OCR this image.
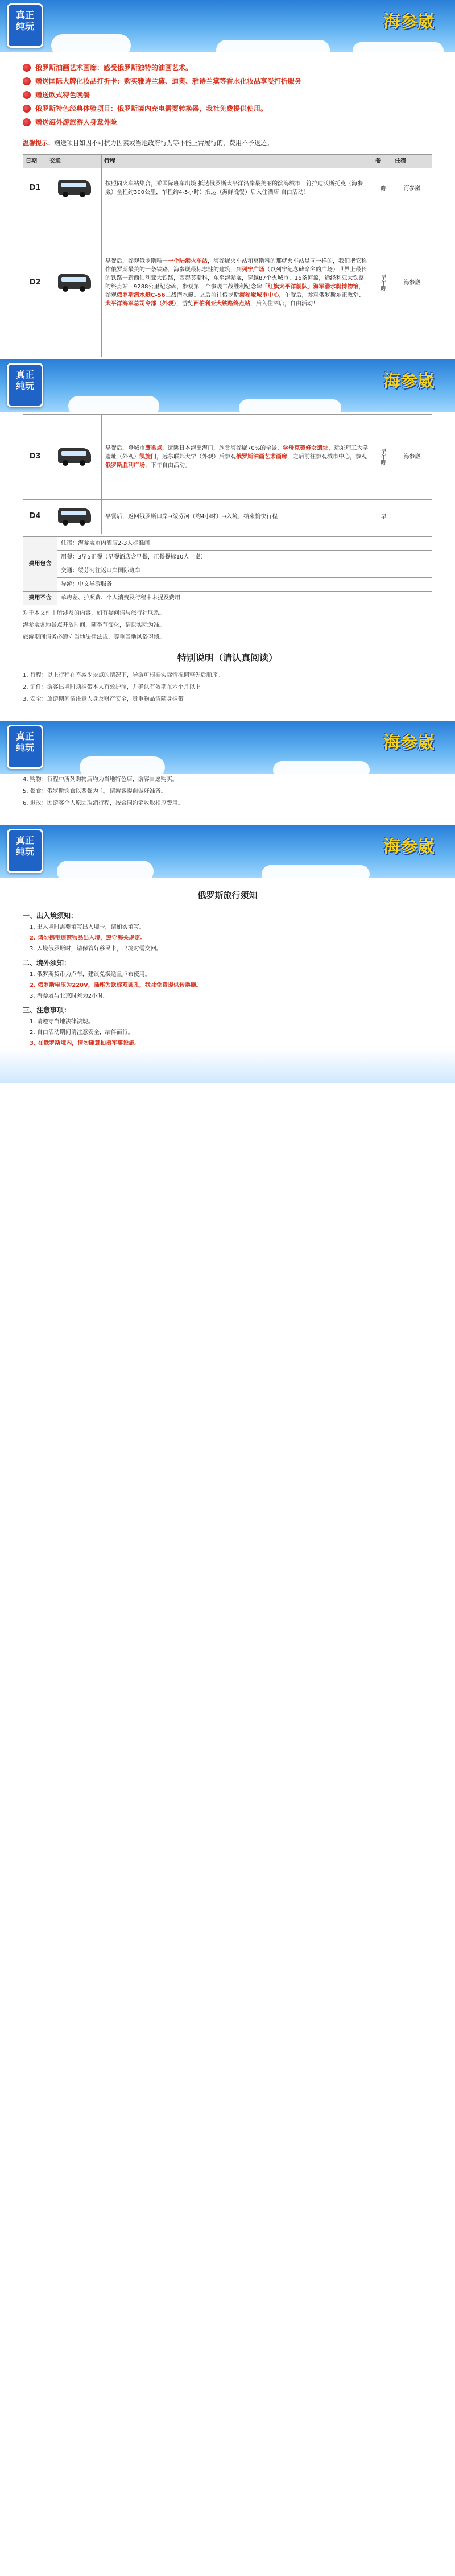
真正
纯玩	海参崴
俄罗斯油画艺术画廊：感受俄罗斯独特的油画艺术。
赠送国际大牌化妆品打折卡：购买雅诗兰黛、迪奥、雅诗兰黛等香水化妆品享受打折服务
赠送欧式特色晚餐
俄罗斯特色经典体验项目：俄罗斯境内充电需要转换器，我社免费提供使用。
赠送海外游旅游人身意外险
温馨提示：赠送项目如因不可抗力因素或当地政府行为等不能正常履行的，费用不予退还。
日期	交通	行程	餐	住宿
D1		按照同火车站集合，乘国际班车出境 抵达俄罗斯太平洋沿岸最美丽的滨海城市一符拉迪沃斯托克（海参崴）全程约300公里，车程约4-5小时）抵达（海鲜晚餐）后入住酒店 自由活动！	晚	海参崴
D2		早餐后，参观俄罗斯唯一一个陆港火车站，海参崴火车站和莫斯科的那就火车站是同一样的，我们把它称作俄罗斯最美的一条铁路，海参崴最标志性的建筑，到列宁广场（以列宁纪念碑命名的广场）世界上最长的铁路一新西伯利亚大铁路，西起莫斯科，东至海参崴，穿越87个火城市。16条河流，途经利亚大铁路的终点站—9288公里纪念碑，参观第一个参观二战胜利纪念碑「红旗太平洋舰队」海军潜水艇博物馆，参观俄罗斯潜水艇C-56二战潜水艇。之后前往俄罗斯海参崴城市中心，午餐后，参观俄罗斯东正教堂、太平洋海军总司令部（外观），游览西伯利亚大铁路终点站，后入住酒店，自由活动！	早午晚	海参崴
真正
纯玩	海参崴
D3		早餐后，登城市鹰巢点，远眺日本海出海口，欣赏海参崴70%的全景，学母克契修女遗址，远东理工大学遗址（外观）凯旋门，远东联邦大学（外观）后参观俄罗斯油画艺术画廊，之后前往参观城市中心，参观俄罗斯胜利广场，下午自由活动。	早午晚	海参崴
D4		早餐后，返回俄罗斯口岸→绥芬河（约4小时）→入境，结束愉快行程！	早	
费用包含	住宿：海参崴市内酒店2-3人标准间
	用餐：3早5正餐（早餐酒店含早餐，正餐餐标10人一桌）
	交通：绥芬河往返口岸国际班车
	导游：中文导游服务
费用不含	单房差、护照费、个人消费及行程中未提及费用
对于本文件中所涉及的内容，如有疑问请与旅行社联系。
海参崴各地景点开放时间，随季节变化，请以实际为准。
旅游期间请务必遵守当地法律法规，尊重当地风俗习惯。
特别说明（请认真阅读）
1. 行程：以上行程在不减少景点的情况下，导游可根据实际情况调整先后顺序。
2. 证件：游客出境时须携带本人有效护照，并确认有效期在六个月以上。
3. 安全：旅游期间请注意人身及财产安全，贵重物品请随身携带。
真正
纯玩	海参崴
4. 购物：行程中所列购物店均为当地特色店，游客自愿购买。
5. 餐食：俄罗斯饮食以西餐为主，请游客提前做好准备。
6. 退改：因游客个人原因取消行程，按合同约定收取相应费用。
真正
纯玩	海参崴
俄罗斯旅行须知
一、出入境须知：
1. 出入境时需要填写出入境卡，请如实填写。
2. 请勿携带违禁物品出入境，遵守海关规定。
3. 入境俄罗斯时，请保管好移民卡，出境时需交回。
二、境外须知：
1. 俄罗斯货币为卢布，建议兑换适量卢布使用。
2. 俄罗斯电压为220V，插座为欧标双圆孔，我社免费提供转换器。
3. 海参崴与北京时差为2小时。
三、注意事项：
1. 请遵守当地法律法规。
2. 自由活动期间请注意安全，结伴而行。
3. 在俄罗斯境内，请勿随意拍摄军事设施。
